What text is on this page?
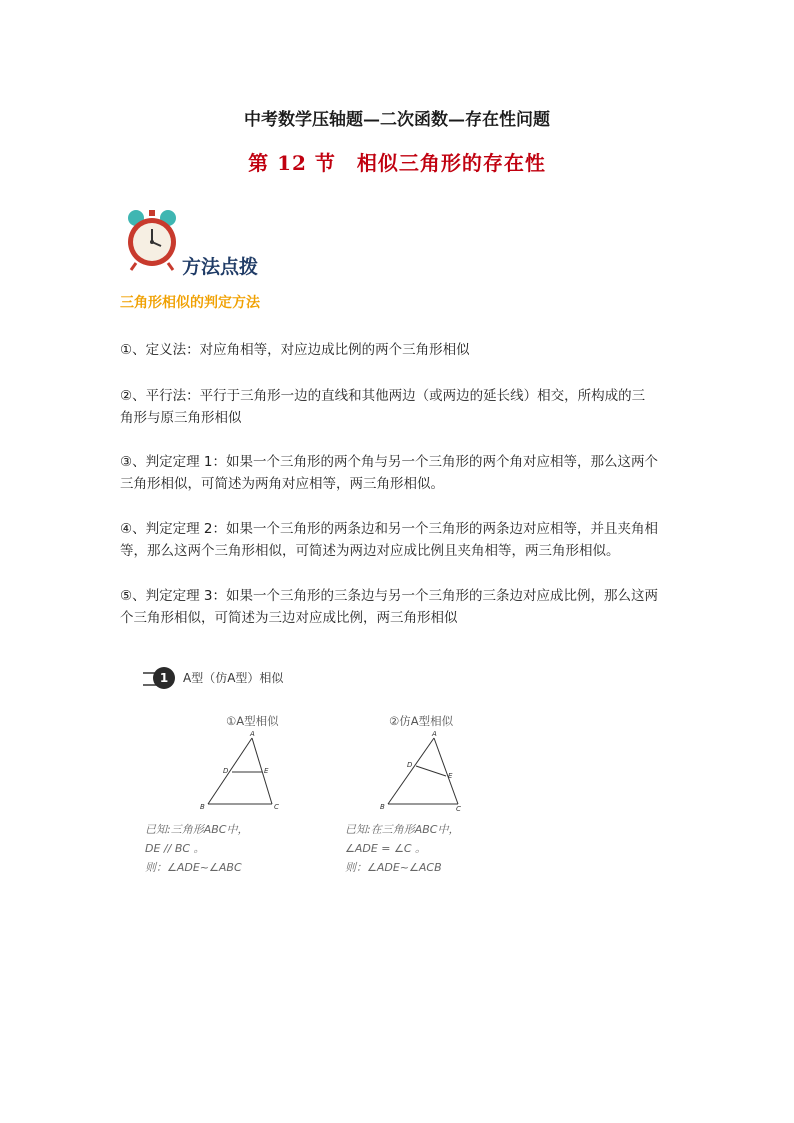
中考数学压轴题—二次函数—存在性问题
第 12 节　相似三角形的存在性
方法点拨
三角形相似的判定方法
①、定义法：对应角相等，对应边成比例的两个三角形相似
②、平行法：平行于三角形一边的直线和其他两边（或两边的延长线）相交，所构成的三
角形与原三角形相似
③、判定定理 1：如果一个三角形的两个角与另一个三角形的两个角对应相等，那么这两个
三角形相似，可简述为两角对应相等，两三角形相似。
④、判定定理 2：如果一个三角形的两条边和另一个三角形的两条边对应相等，并且夹角相
等，那么这两个三角形相似，可简述为两边对应成比例且夹角相等，两三角形相似。
⑤、判定定理 3：如果一个三角形的三条边与另一个三角形的三条边对应成比例，那么这两
个三角形相似，可简述为三边对应成比例，两三角形相似
1	A型（仿A型）相似
①A型相似
A
D	E
B	C
已知:三角形ABC中，
DE // BC 。
则：∠ADE~∠ABC
②仿A型相似
A
D
E
B	C
已知:在三角形ABC中，
∠ADE = ∠C 。
则：∠ADE~∠ACB
